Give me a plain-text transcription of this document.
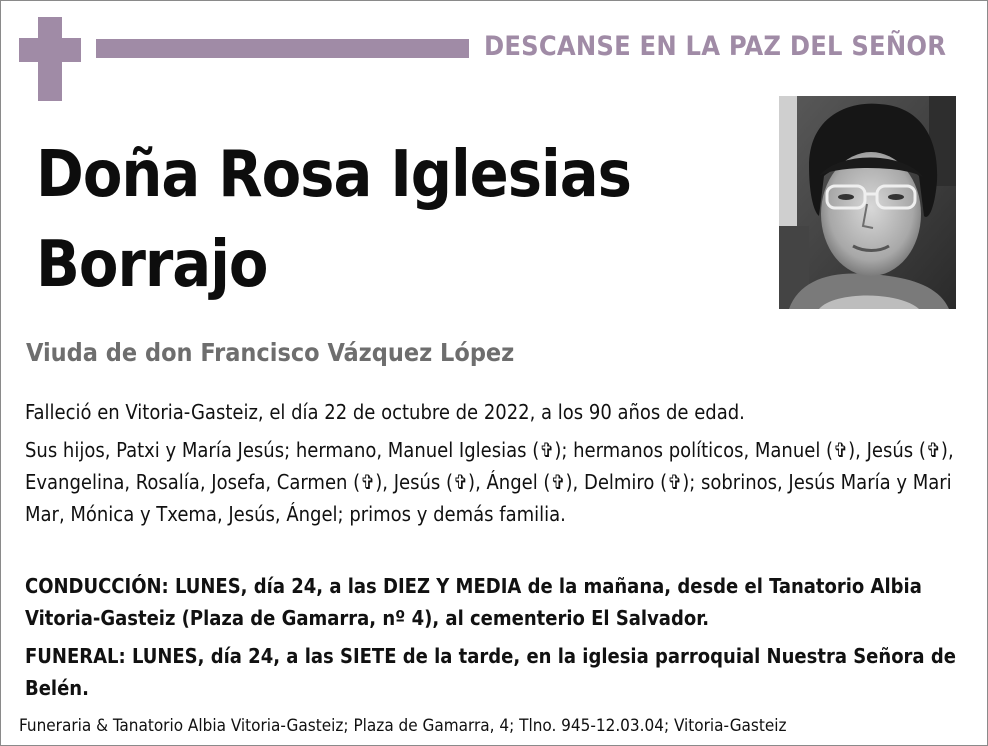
DESCANSE EN LA PAZ DEL SEÑOR
Doña Rosa Iglesias Borrajo
Viuda de don Francisco Vázquez López
Falleció en Vitoria-Gasteiz, el día 22 de octubre de 2022, a los 90 años de edad.
Sus hijos, Patxi y María Jesús; hermano, Manuel Iglesias (✞); hermanos políticos, Manuel (✞), Jesús (✞), Evangelina, Rosalía, Josefa, Carmen (✞), Jesús (✞), Ángel (✞), Delmiro (✞); sobrinos, Jesús María y Mari Mar, Mónica y Txema, Jesús, Ángel; primos y demás familia.
CONDUCCIÓN: LUNES, día 24, a las DIEZ Y MEDIA de la mañana, desde el Tanatorio Albia Vitoria-Gasteiz (Plaza de Gamarra, nº 4), al cementerio El Salvador.
FUNERAL: LUNES, día 24, a las SIETE de la tarde, en la iglesia parroquial Nuestra Señora de Belén.
Funeraria & Tanatorio Albia Vitoria-Gasteiz; Plaza de Gamarra, 4; Tlno. 945-12.03.04; Vitoria-Gasteiz
